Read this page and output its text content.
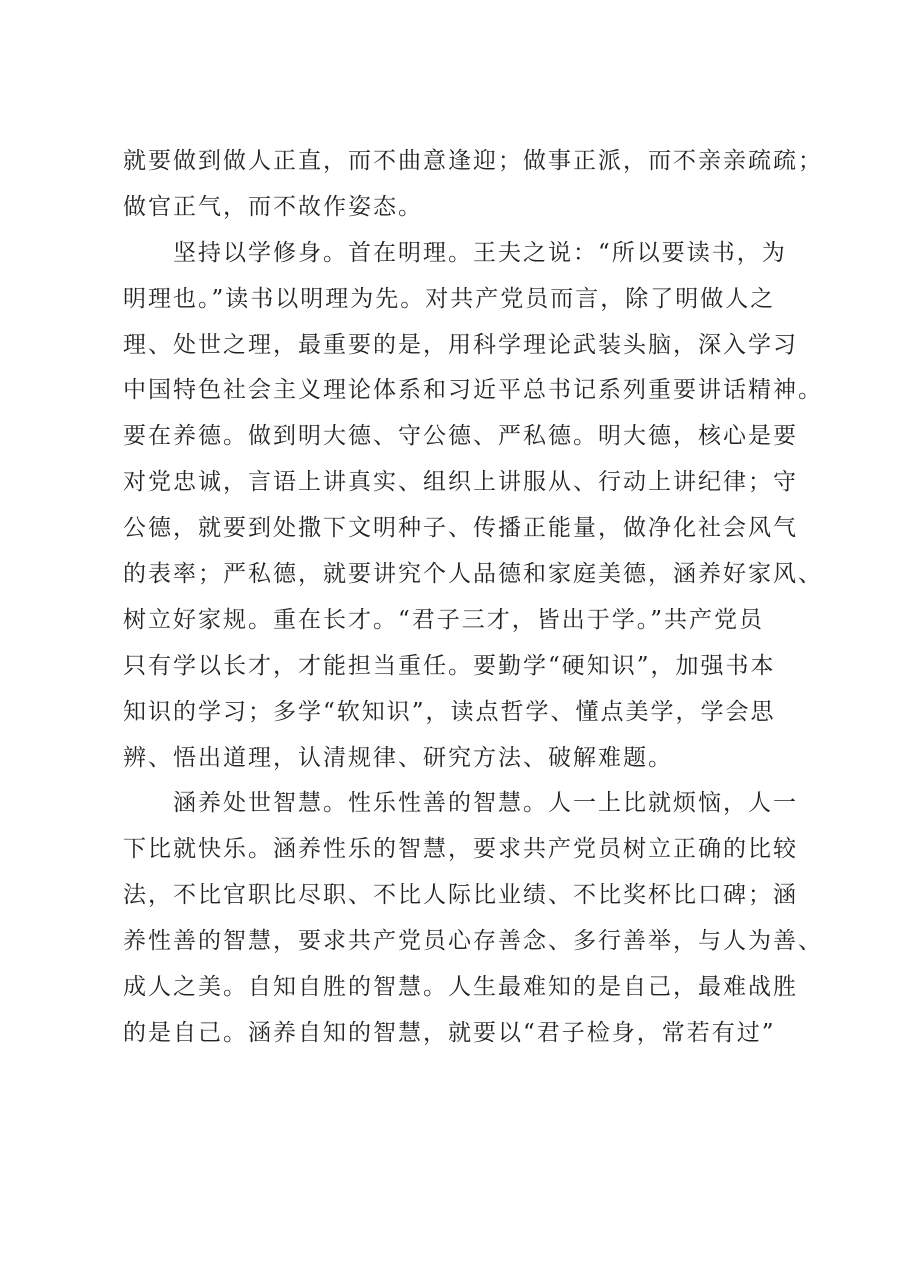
就要做到做人正直，而不曲意逢迎；做事正派，而不亲亲疏疏；
做官正气，而不故作姿态。
坚持以学修身。首在明理。王夫之说：“所以要读书，为
明理也。”读书以明理为先。对共产党员而言，除了明做人之
理、处世之理，最重要的是，用科学理论武装头脑，深入学习
中国特色社会主义理论体系和习近平总书记系列重要讲话精神。
要在养德。做到明大德、守公德、严私德。明大德，核心是要
对党忠诚，言语上讲真实、组织上讲服从、行动上讲纪律；守
公德，就要到处撒下文明种子、传播正能量，做净化社会风气
的表率；严私德，就要讲究个人品德和家庭美德，涵养好家风、
树立好家规。重在长才。“君子三才，皆出于学。”共产党员
只有学以长才，才能担当重任。要勤学“硬知识”，加强书本
知识的学习；多学“软知识”，读点哲学、懂点美学，学会思
辨、悟出道理，认清规律、研究方法、破解难题。
涵养处世智慧。性乐性善的智慧。人一上比就烦恼，人一
下比就快乐。涵养性乐的智慧，要求共产党员树立正确的比较
法，不比官职比尽职、不比人际比业绩、不比奖杯比口碑；涵
养性善的智慧，要求共产党员心存善念、多行善举，与人为善、
成人之美。自知自胜的智慧。人生最难知的是自己，最难战胜
的是自己。涵养自知的智慧，就要以“君子检身，常若有过”
